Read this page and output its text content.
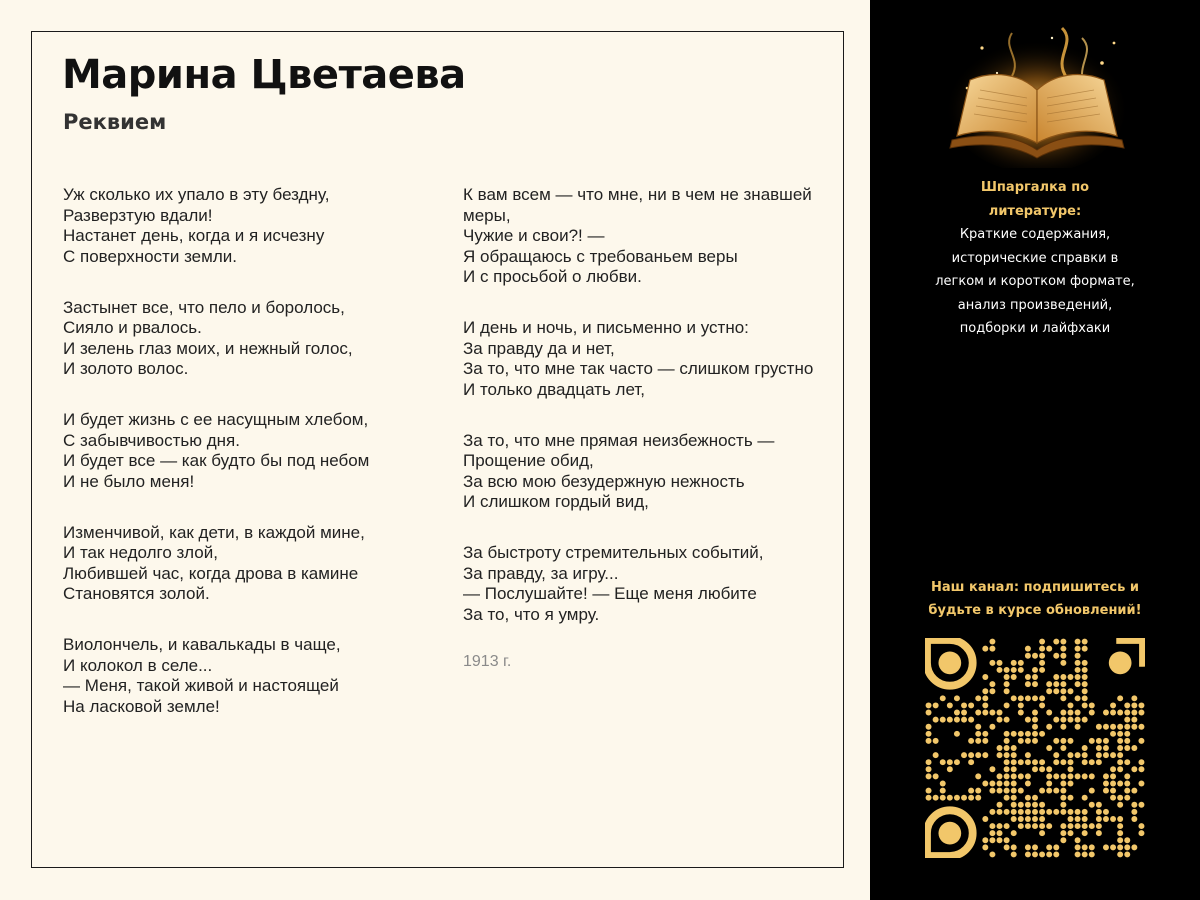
Марина Цветаева
Реквием
Уж сколько их упало в эту бездну,
Разверзтую вдали!
Настанет день, когда и я исчезну
С поверхности земли.
Застынет все, что пело и боролось,
Сияло и рвалось.
И зелень глаз моих, и нежный голос,
И золото волос.
И будет жизнь с ее насущным хлебом,
С забывчивостью дня.
И будет все — как будто бы под небом
И не было меня!
Изменчивой, как дети, в каждой мине,
И так недолго злой,
Любившей час, когда дрова в камине
Становятся золой.
Виолончель, и кавалькады в чаще,
И колокол в селе...
— Меня, такой живой и настоящей
На ласковой земле!
К вам всем — что мне, ни в чем не знавшей меры,
Чужие и свои?! —
Я обращаюсь с требованьем веры
И с просьбой о любви.
И день и ночь, и письменно и устно:
За правду да и нет,
За то, что мне так часто — слишком грустно
И только двадцать лет,
За то, что мне прямая неизбежность —
Прощение обид,
За всю мою безудержную нежность
И слишком гордый вид,
За быстроту стремительных событий,
За правду, за игру...
— Послушайте! — Еще меня любите
За то, что я умру.
1913 г.
Шпаргалка по литературе:
Краткие содержания, исторические справки в легком и коротком формате, анализ произведений, подборки и лайфхаки
Наш канал: подпишитесь и будьте в курсе обновлений!
